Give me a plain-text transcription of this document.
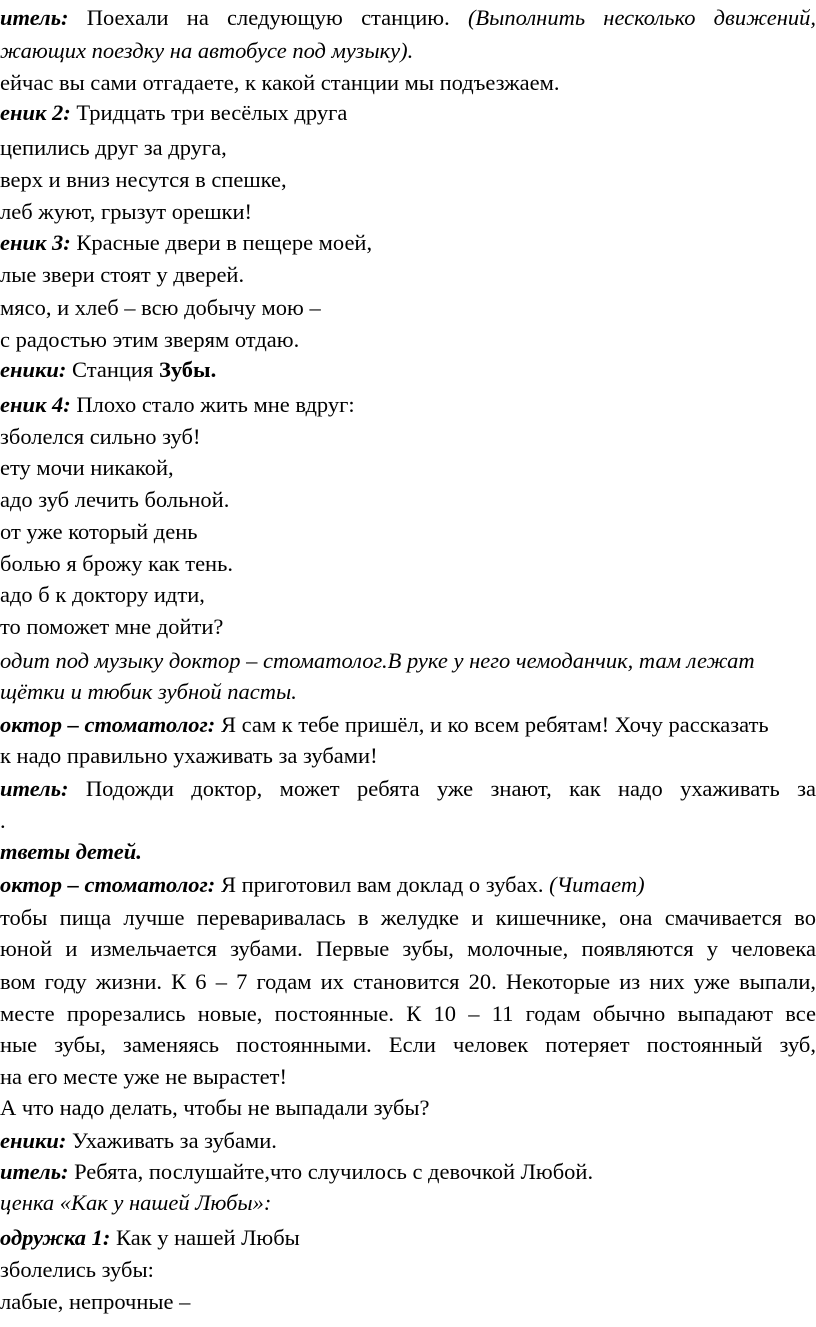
итель: Поехали на следующую станцию. (Выполнить несколько движений,
жающих поездку на автобусе под музыку).
ейчас вы сами отгадаете, к какой станции мы подъезжаем.
еник 2: Тридцать три весёлых друга
цепились друг за друга,
верх и вниз несутся в спешке,
леб жуют, грызут орешки!
еник 3: Красные двери в пещере моей,
лые звери стоят у дверей.
мясо, и хлеб – всю добычу мою –
с радостью этим зверям отдаю.
еники: Станция Зубы.
еник 4: Плохо стало жить мне вдруг:
зболелся сильно зуб!
ету мочи никакой,
адо зуб лечить больной.
от уже который день
болью я брожу как тень.
адо б к доктору идти,
то поможет мне дойти?
одит под музыку доктор – стоматолог.В руке у него чемоданчик, там лежат
щётки и тюбик зубной пасты.
октор – стоматолог: Я сам к тебе пришёл, и ко всем ребятам! Хочу рассказать
к надо правильно ухаживать за зубами!
итель: Подожди доктор, может ребята уже знают, как надо ухаживать за
.
тветы детей.
октор – стоматолог: Я приготовил вам доклад о зубах. (Читает)
тобы пища лучше переваривалась в желудке и кишечнике, она смачивается во
юной и измельчается зубами. Первые зубы, молочные, появляются у человека
вом году жизни. К 6 – 7 годам их становится 20. Некоторые из них уже выпали,
месте прорезались новые, постоянные. К 10 – 11 годам обычно выпадают все
ные зубы, заменяясь постоянными. Если человек потеряет постоянный зуб,
на его месте уже не вырастет!
А что надо делать, чтобы не выпадали зубы?
еники: Ухаживать за зубами.
итель: Ребята, послушайте,что случилось с девочкой Любой.
ценка «Как у нашей Любы»:
одружка 1: Как у нашей Любы
зболелись зубы:
лабые, непрочные –
